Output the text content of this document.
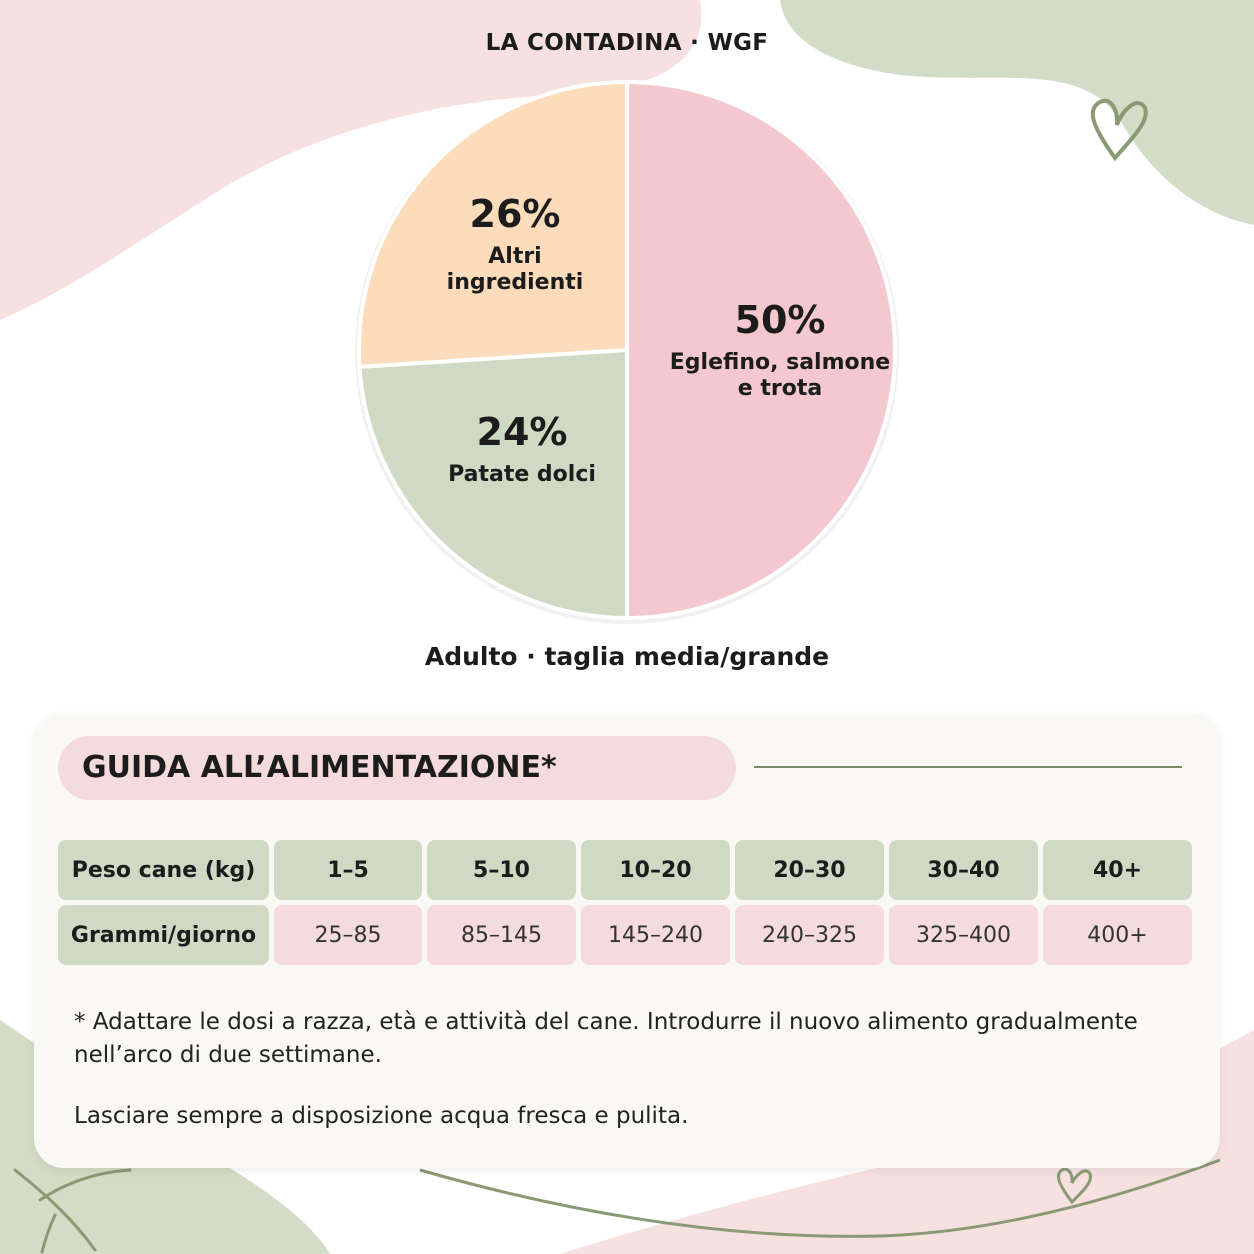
LA CONTADINA · WGF
50%
Eglefino, salmone
e trota
24%
Patate dolci
26%
Altri
ingredienti
Adulto · taglia media/grande
GUIDA ALL’ALIMENTAZIONE*
Peso cane (kg)	1–5	5–10	10–20	20–30	30–40	40+
Grammi/giorno	25–85	85–145	145–240	240–325	325–400	400+
* Adattare le dosi a razza, età e attività del cane. Introdurre il nuovo alimento gradualmente nell’arco di due settimane.
Lasciare sempre a disposizione acqua fresca e pulita.
